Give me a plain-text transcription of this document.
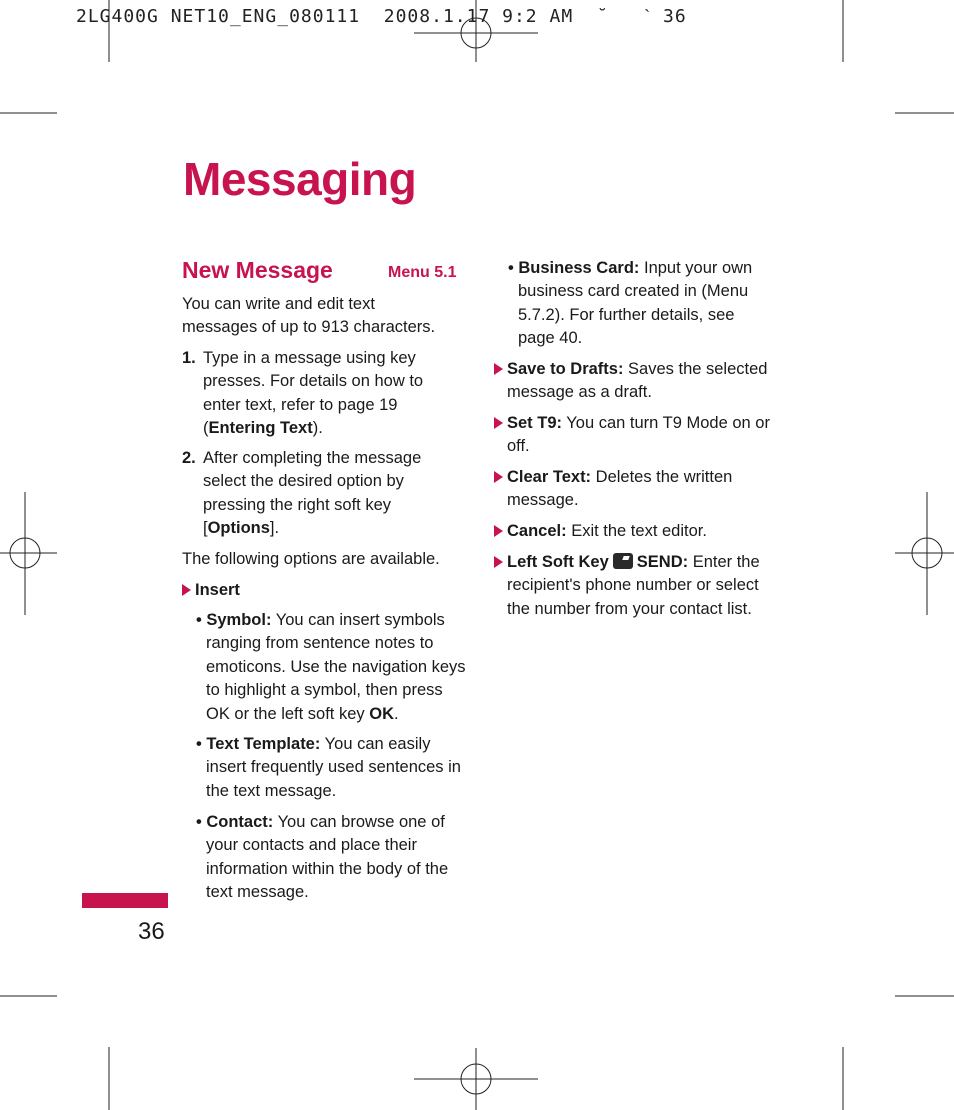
2LG400G NET10_ENG_080111  2008.1.17 9:2 AM  ˘   ˋ 36
Messaging
New Message	Menu 5.1
You can write and edit text messages of up to 913 characters.
1. Type in a message using key presses. For details on how to enter text, refer to page 19 (Entering Text).
2. After completing the message select the desired option by pressing the right soft key [Options].
The following options are available.
Insert
• Symbol: You can insert symbols ranging from sentence notes to emoticons. Use the navigation keys to highlight a symbol, then press OK or the left soft key OK.
• Text Template: You can easily insert frequently used sentences in the text message.
• Contact: You can browse one of your contacts and place their information within the body of the text message.
• Business Card: Input your own business card created in (Menu 5.7.2). For further details, see page 40.
Save to Drafts: Saves the selected message as a draft.
Set T9: You can turn T9 Mode on or off.
Clear Text: Deletes the written message.
Cancel: Exit the text editor.
Left Soft Key SEND: Enter the recipient's phone number or select the number from your contact list.
36
